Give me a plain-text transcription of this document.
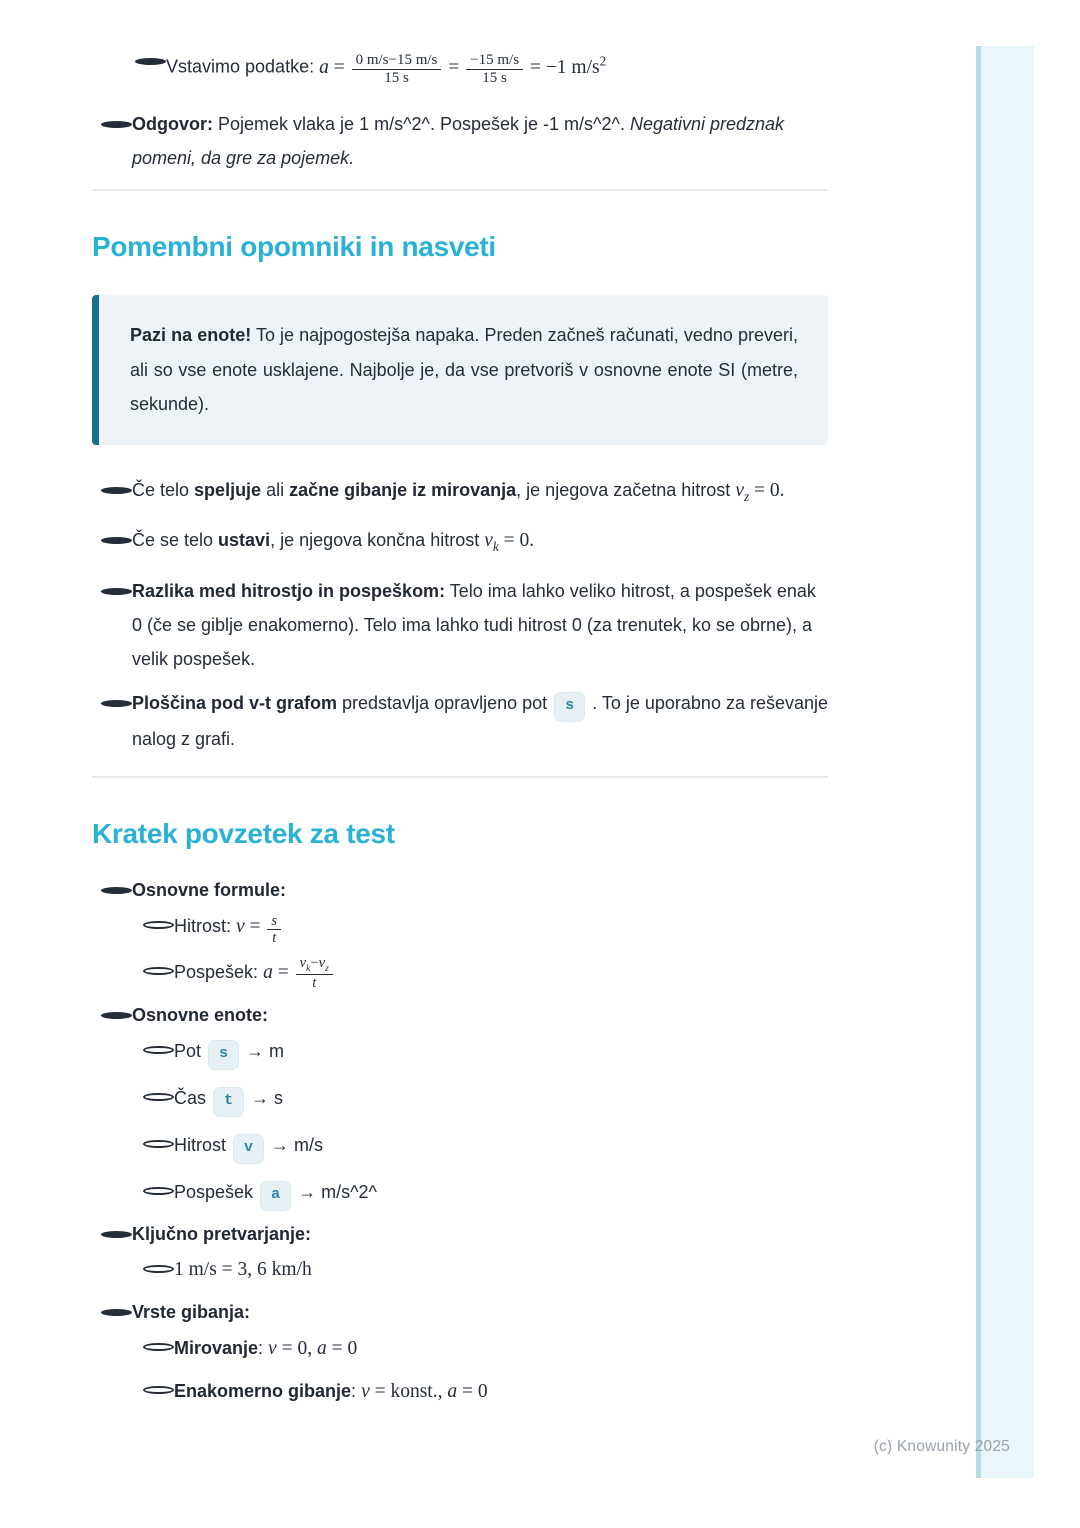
(c) Knowunity 2025
Vstavimo podatke: $a = \frac{0 m/s-15 m/s}{15 s} = \frac{-15 m/s}{15 s} = -1$ $m/s^2$
Odgovor: Pojemek vlaka je 1 m/s^2^. Pospešek je -1 m/s^2^. Negativni predznak pomeni, da gre za pojemek.
Pomembni opomniki in nasveti
Pazi na enote! To je najpogostejša napaka. Preden začneš računati, vedno preveri, ali so vse enote usklajene. Najbolje je, da vse pretvoriš v osnovne enote SI (metre, sekunde).
Če telo speljuje ali začne gibanje iz mirovanja, je njegova začetna hitrost $v_z = 0$.
Če se telo ustavi, je njegova končna hitrost $v_k = 0$.
Razlika med hitrostjo in pospeškom: Telo ima lahko veliko hitrost, a pospešek enak 0 (če se giblje enakomerno). Telo ima lahko tudi hitrost 0 (za trenutek, ko se obrne), a velik pospešek.
Ploščina pod v-t grafom predstavlja opravljeno pot s . To je uporabno za reševanje nalog z grafi.
Kratek povzetek za test
Osnovne formule:
Hitrost: $v = \frac{s}{t}$
Pospešek: $a = \frac{v_k-v_z}{t}$
Osnovne enote:
Pot s → m
Čas t → s
Hitrost v → m/s
Pospešek a → m/s^2^
Ključno pretvarjanje:
1 m/s = 3, 6 km/h
Vrste gibanja:
Mirovanje: v = 0, a = 0
Enakomerno gibanje: v = konst., a = 0
